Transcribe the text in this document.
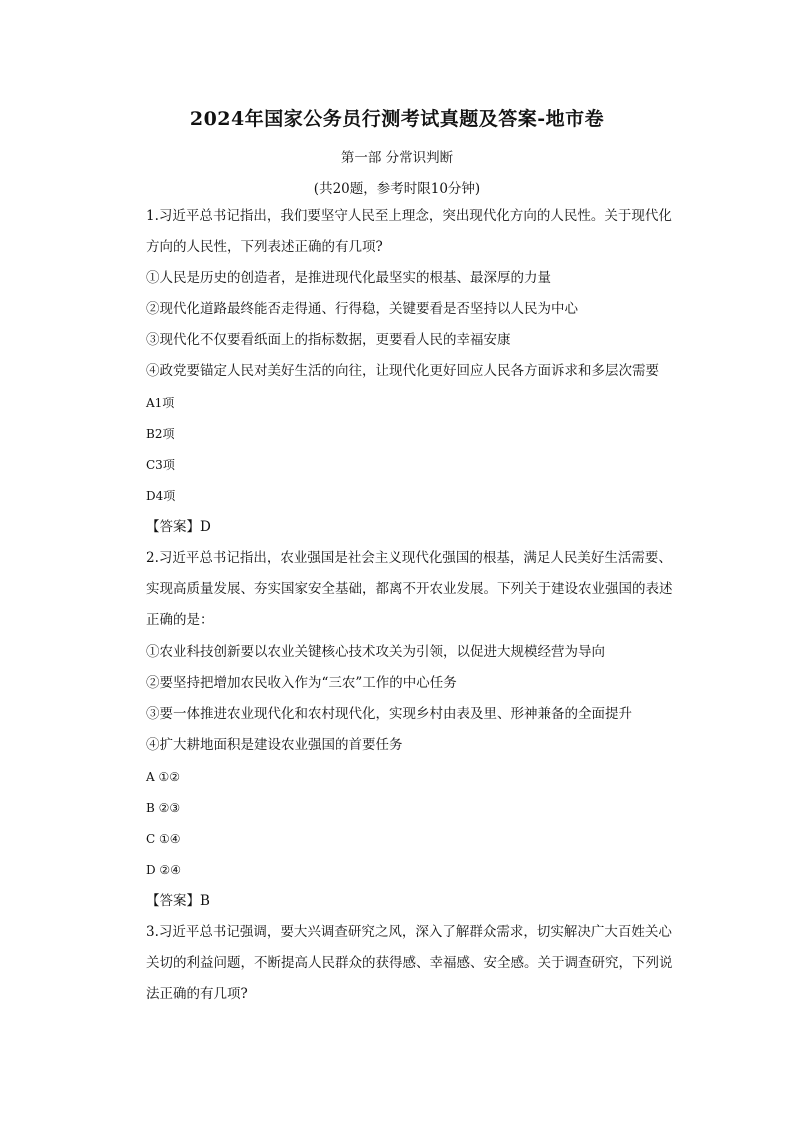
2024年国家公务员行测考试真题及答案-地市卷
第一部 分常识判断
(共20题，参考时限10分钟)
1.习近平总书记指出，我们要坚守人民至上理念，突出现代化方向的人民性。关于现代化
方向的人民性，下列表述正确的有几项?
①人民是历史的创造者，是推进现代化最坚实的根基、最深厚的力量
②现代化道路最终能否走得通、行得稳，关键要看是否坚持以人民为中心
③现代化不仅要看纸面上的指标数据，更要看人民的幸福安康
④政党要锚定人民对美好生活的向往，让现代化更好回应人民各方面诉求和多层次需要
A1项
B2项
C3项
D4项
【答案】D
2.习近平总书记指出，农业强国是社会主义现代化强国的根基，满足人民美好生活需要、
实现高质量发展、夯实国家安全基础，都离不开农业发展。下列关于建设农业强国的表述
正确的是：
①农业科技创新要以农业关键核心技术攻关为引领，以促进大规模经营为导向
②要坚持把增加农民收入作为“三农”工作的中心任务
③要一体推进农业现代化和农村现代化，实现乡村由表及里、形神兼备的全面提升
④扩大耕地面积是建设农业强国的首要任务
A ①②
B ②③
C ①④
D ②④
【答案】B
3.习近平总书记强调，要大兴调查研究之风，深入了解群众需求，切实解决广大百姓关心
关切的利益问题，不断提高人民群众的获得感、幸福感、安全感。关于调查研究，下列说
法正确的有几项?
